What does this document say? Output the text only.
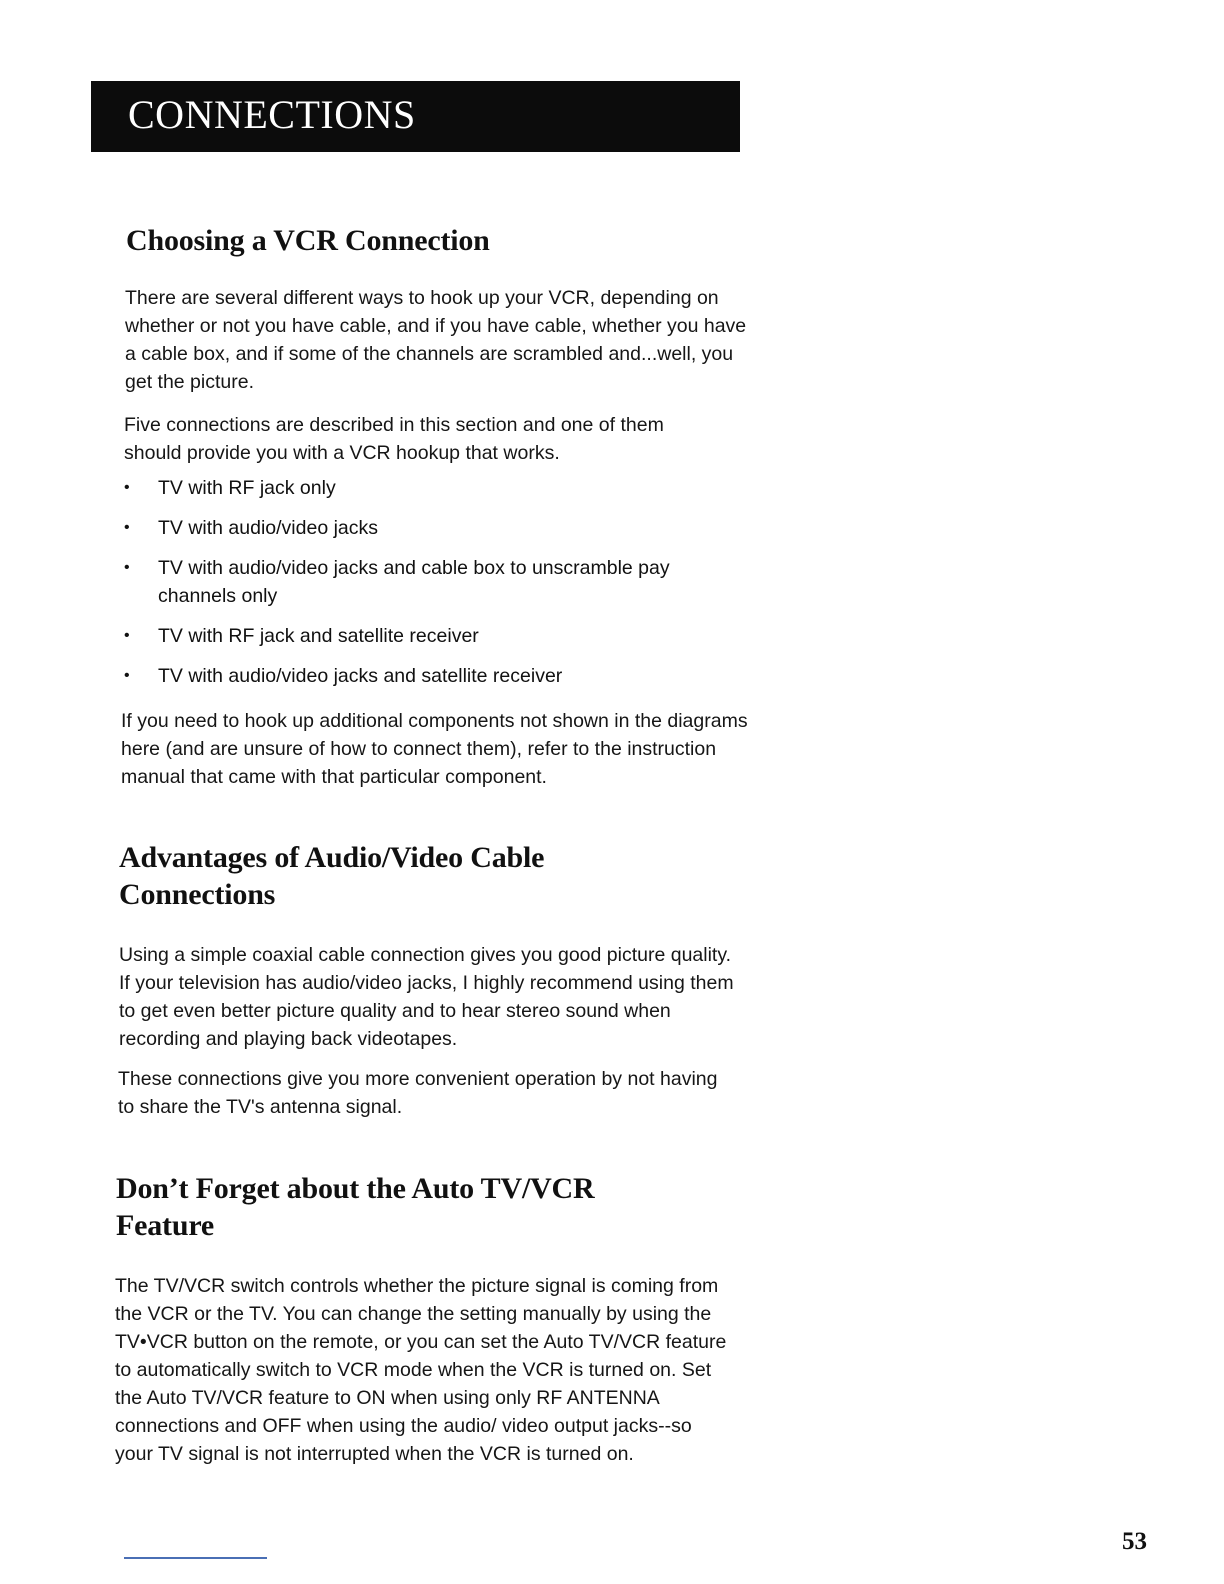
CONNECTIONS
Choosing a VCR Connection

There are several different ways to hook up your VCR, depending on whether or not you have cable, and if you have cable, whether you have a cable box, and if some of the channels are scrambled and...well, you get the picture.

Five connections are described in this section and one of them should provide you with a VCR hookup that works.

• TV with RF jack only
• TV with audio/video jacks
• TV with audio/video jacks and cable box to unscramble pay channels only
• TV with RF jack and satellite receiver
• TV with audio/video jacks and satellite receiver

If you need to hook up additional components not shown in the diagrams here (and are unsure of how to connect them), refer to the instruction manual that came with that particular component.

Advantages of Audio/Video Cable
Connections

Using a simple coaxial cable connection gives you good picture quality. If your television has audio/video jacks, I highly recommend using them to get even better picture quality and to hear stereo sound when recording and playing back videotapes.

These connections give you more convenient operation by not having to share the TV's antenna signal.

Don’t Forget about the Auto TV/VCR
Feature

The TV/VCR switch controls whether the picture signal is coming from the VCR or the TV. You can change the setting manually by using the TV•VCR button on the remote, or you can set the Auto TV/VCR feature to automatically switch to VCR mode when the VCR is turned on. Set the Auto TV/VCR feature to ON when using only RF ANTENNA connections and OFF when using the audio/ video output jacks--so your TV signal is not interrupted when the VCR is turned on.

53
